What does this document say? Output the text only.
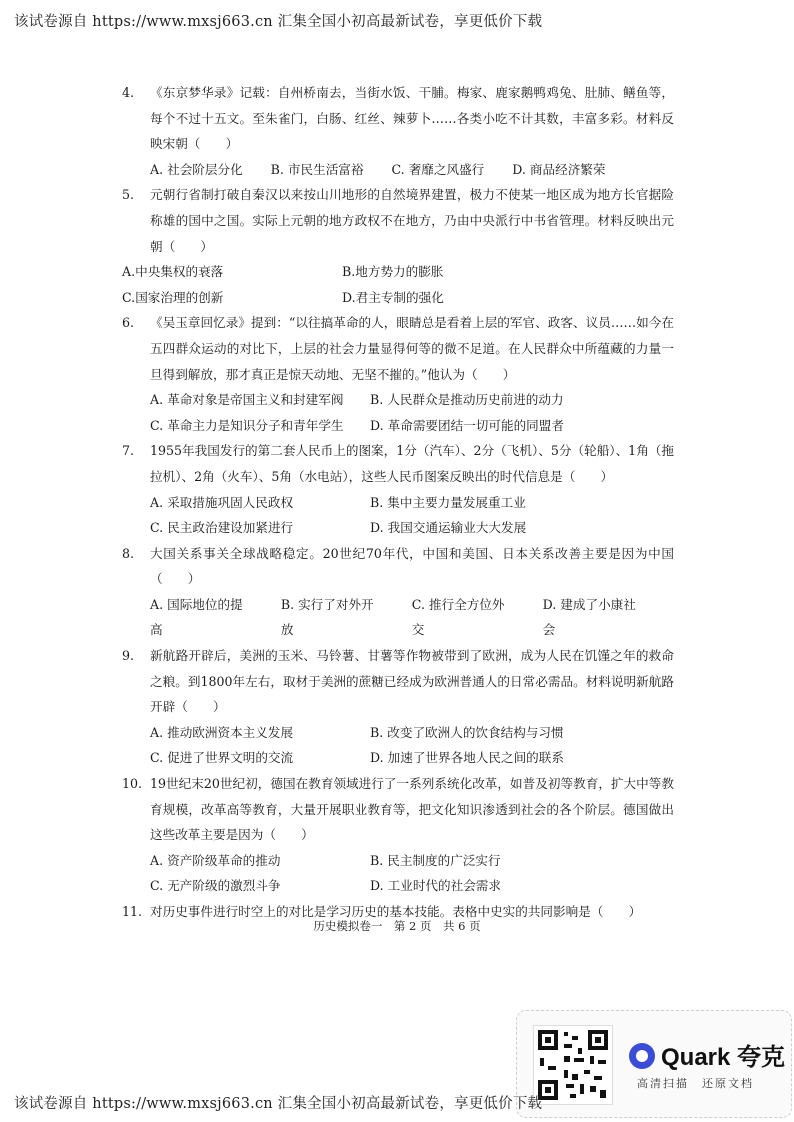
该试卷源自 https://www.mxsj663.cn 汇集全国小初高最新试卷，享更低价下载
4.	《东京梦华录》记载：自州桥南去，当街水饭、干脯。梅家、鹿家鹅鸭鸡兔、肚肺、鳝鱼等，每个不过十五文。至朱雀门，白肠、红丝、辣萝卜……各类小吃不计其数，丰富多彩。材料反映宋朝（　　）
A. 社会阶层分化 B. 市民生活富裕 C. 奢靡之风盛行 D. 商品经济繁荣
5.	元朝行省制打破自秦汉以来按山川地形的自然境界建置，极力不使某一地区成为地方长官据险称雄的国中之国。实际上元朝的地方政权不在地方，乃由中央派行中书省管理。材料反映出元朝（　　）
A.中央集权的衰落	B.地方势力的膨胀
C.国家治理的创新	D.君主专制的强化
6.	《吴玉章回忆录》提到：“以往搞革命的人，眼睛总是看着上层的军官、政客、议员……如今在五四群众运动的对比下，上层的社会力量显得何等的微不足道。在人民群众中所蕴藏的力量一旦得到解放，那才真正是惊天动地、无坚不摧的。”他认为（　　）
A. 革命对象是帝国主义和封建军阀	B. 人民群众是推动历史前进的动力
C. 革命主力是知识分子和青年学生	D. 革命需要团结一切可能的同盟者
7.	1955年我国发行的第二套人民币上的图案，1分（汽车）、2分（飞机）、5分（轮船）、1角（拖拉机）、2角（火车）、5角（水电站），这些人民币图案反映出的时代信息是（　　）
A. 采取措施巩固人民政权	B. 集中主要力量发展重工业
C. 民主政治建设加紧进行	D. 我国交通运输业大大发展
8.	大国关系事关全球战略稳定。20世纪70年代，中国和美国、日本关系改善主要是因为中国（　　）
A. 国际地位的提高
B. 实行了对外开放
C. 推行全方位外交
D. 建成了小康社会
9.	新航路开辟后，美洲的玉米、马铃薯、甘薯等作物被带到了欧洲，成为人民在饥馑之年的救命之粮。到1800年左右，取材于美洲的蔗糖已经成为欧洲普通人的日常必需品。材料说明新航路开辟（　　）
A. 推动欧洲资本主义发展	B. 改变了欧洲人的饮食结构与习惯
C. 促进了世界文明的交流	D. 加速了世界各地人民之间的联系
10. 19世纪末20世纪初，德国在教育领域进行了一系列系统化改革，如普及初等教育，扩大中等教育规模，改革高等教育，大量开展职业教育等，把文化知识渗透到社会的各个阶层。德国做出这些改革主要是因为（　　）
A. 资产阶级革命的推动	B. 民主制度的广泛实行
C. 无产阶级的激烈斗争	D. 工业时代的社会需求
11. 对历史事件进行时空上的对比是学习历史的基本技能。表格中史实的共同影响是（　　）
历史模拟卷一　第 2 页　共 6 页
Quark 夸克
高清扫描　还原文档
该试卷源自 https://www.mxsj663.cn 汇集全国小初高最新试卷，享更低价下载
